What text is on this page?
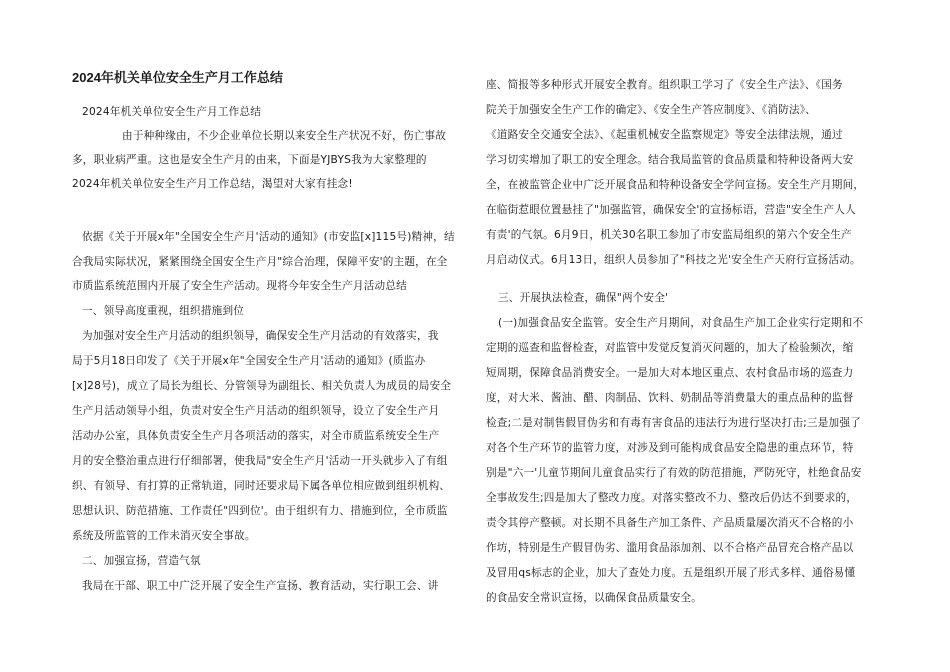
2024年机关单位安全生产月工作总结
2024年机关单位安全生产月工作总结
由于种种缘由，不少企业单位长期以来安全生产状况不好，伤亡事故
多，职业病严重。这也是安全生产月的由来，下面是YJBYS我为大家整理的
2024年机关单位安全生产月工作总结，渴望对大家有挂念!
依据《关于开展x年"全国安全生产月'活动的通知》(市安监[x]115号)精神，结
合我局实际状况，紧紧围绕全国安全生产月"综合治理，保障平安'的主题，在全
市质监系统范围内开展了安全生产活动。现将今年安全生产月活动总结
一、领导高度重视，组织措施到位
为加强对安全生产月活动的组织领导，确保安全生产月活动的有效落实，我
局于5月18日印发了《关于开展x年"全国安全生产月'活动的通知》(质监办
[x]28号)，成立了局长为组长、分管领导为副组长、相关负责人为成员的局安全
生产月活动领导小组，负责对安全生产月活动的组织领导，设立了安全生产月
活动办公室，具体负责安全生产月各项活动的落实，对全市质监系统安全生产
月的安全整治重点进行仔细部署，使我局"安全生产月'活动一开头就步入了有组
织、有领导、有打算的正常轨道，同时还要求局下属各单位相应做到组织机构、
思想认识、防范措施、工作责任"四到位'。由于组织有力、措施到位，全市质监
系统及所监管的工作未消灭安全事故。
二、加强宣扬，营造气氛
我局在干部、职工中广泛开展了安全生产宣扬、教育活动，实行职工会、讲
座、简报等多种形式开展安全教育。组织职工学习了《安全生产法》、《国务
院关于加强安全生产工作的确定》、《安全生产答应制度》、《消防法》、
《道路安全交通安全法》、《起重机械安全监察规定》等安全法律法规，通过
学习切实增加了职工的安全理念。结合我局监管的食品质量和特种设备两大安
全，在被监管企业中广泛开展食品和特种设备安全学问宣扬。安全生产月期间，
在临街惹眼位置悬挂了"加强监管，确保安全'的宣扬标语，营造"安全生产人人
有责'的气氛。6月9日，机关30名职工参加了市安监局组织的第六个安全生产
月启动仪式。6月13日，组织人员参加了"科技之光'安全生产天府行宣扬活动。
三、开展执法检查，确保"两个安全'
(一)加强食品安全监管。安全生产月期间，对食品生产加工企业实行定期和不
定期的巡查和监督检查，对监管中发觉反复消灭问题的，加大了检验频次，缩
短周期，保障食品消费安全。一是加大对本地区重点、农村食品市场的巡查力
度，对大米、酱油、醋、肉制品、饮料、奶制品等消费量大的重点品种的监督
检查;二是对制售假冒伪劣和有毒有害食品的违法行为进行坚决打击;三是加强了
对各个生产环节的监管力度，对涉及到可能构成食品安全隐患的重点环节，特
别是"六一'儿童节期间儿童食品实行了有效的防范措施，严防死守，杜绝食品安
全事故发生;四是加大了整改力度。对落实整改不力、整改后仍达不到要求的，
责令其停产整顿。对长期不具备生产加工条件、产品质量屡次消灭不合格的小
作坊，特别是生产假冒伪劣、滥用食品添加剂、以不合格产品冒充合格产品以
及冒用qs标志的企业，加大了查处力度。五是组织开展了形式多样、通俗易懂
的食品安全常识宣扬，以确保食品质量安全。
